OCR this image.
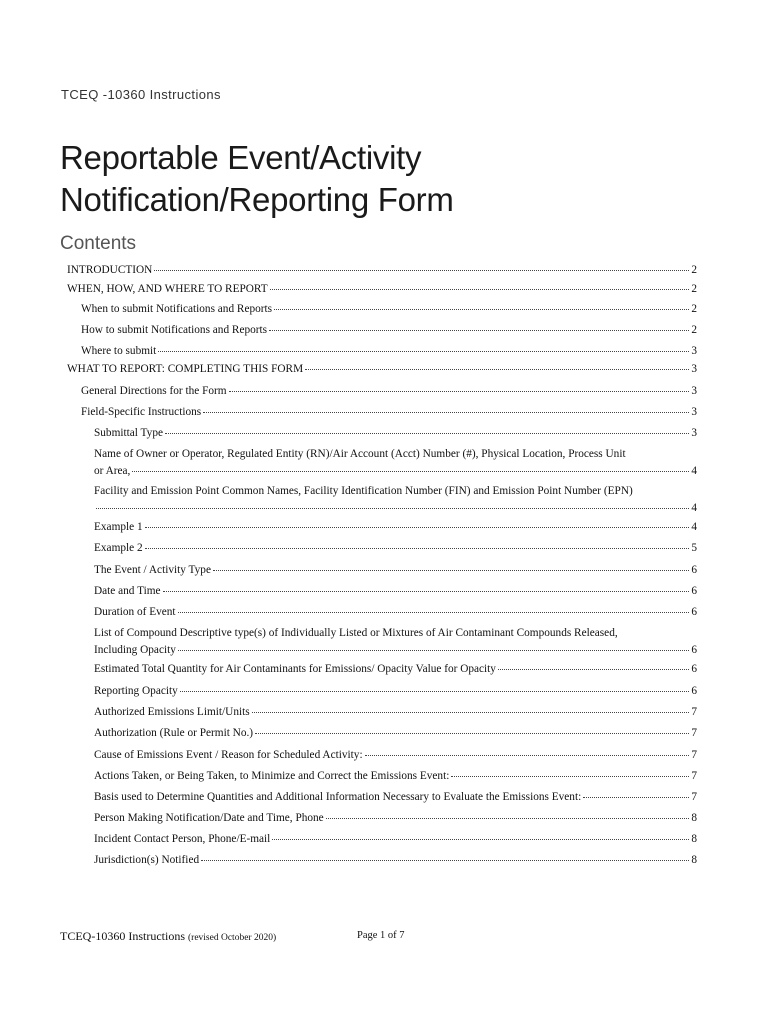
TCEQ -10360 Instructions
Reportable Event/Activity
Notification/Reporting Form
Contents
INTRODUCTION	2
WHEN, HOW, AND WHERE TO REPORT	2
When to submit Notifications and Reports	2
How to submit Notifications and Reports	2
Where to submit	3
WHAT TO REPORT: COMPLETING THIS FORM	3
General Directions for the Form	3
Field-Specific Instructions	3
Submittal Type	3
Name of Owner or Operator, Regulated Entity (RN)/Air Account (Acct) Number (#), Physical Location, Process Unit
or Area,	4
Facility and Emission Point Common Names, Facility Identification Number (FIN) and Emission Point Number (EPN)
4
Example 1	4
Example 2	5
The Event / Activity Type	6
Date and Time	6
Duration of Event	6
List of Compound Descriptive type(s) of Individually Listed or Mixtures of Air Contaminant Compounds Released,
Including Opacity	6
Estimated Total Quantity for Air Contaminants for Emissions/ Opacity Value for Opacity	6
Reporting Opacity	6
Authorized Emissions Limit/Units	7
Authorization (Rule or Permit No.)	7
Cause of Emissions Event / Reason for Scheduled Activity:	7
Actions Taken, or Being Taken, to Minimize and Correct the Emissions Event:	7
Basis used to Determine Quantities and Additional Information Necessary to Evaluate the Emissions Event:	7
Person Making Notification/Date and Time, Phone	8
Incident Contact Person, Phone/E-mail	8
Jurisdiction(s) Notified	8
TCEQ-10360 Instructions (revised October 2020)	Page 1 of 7
